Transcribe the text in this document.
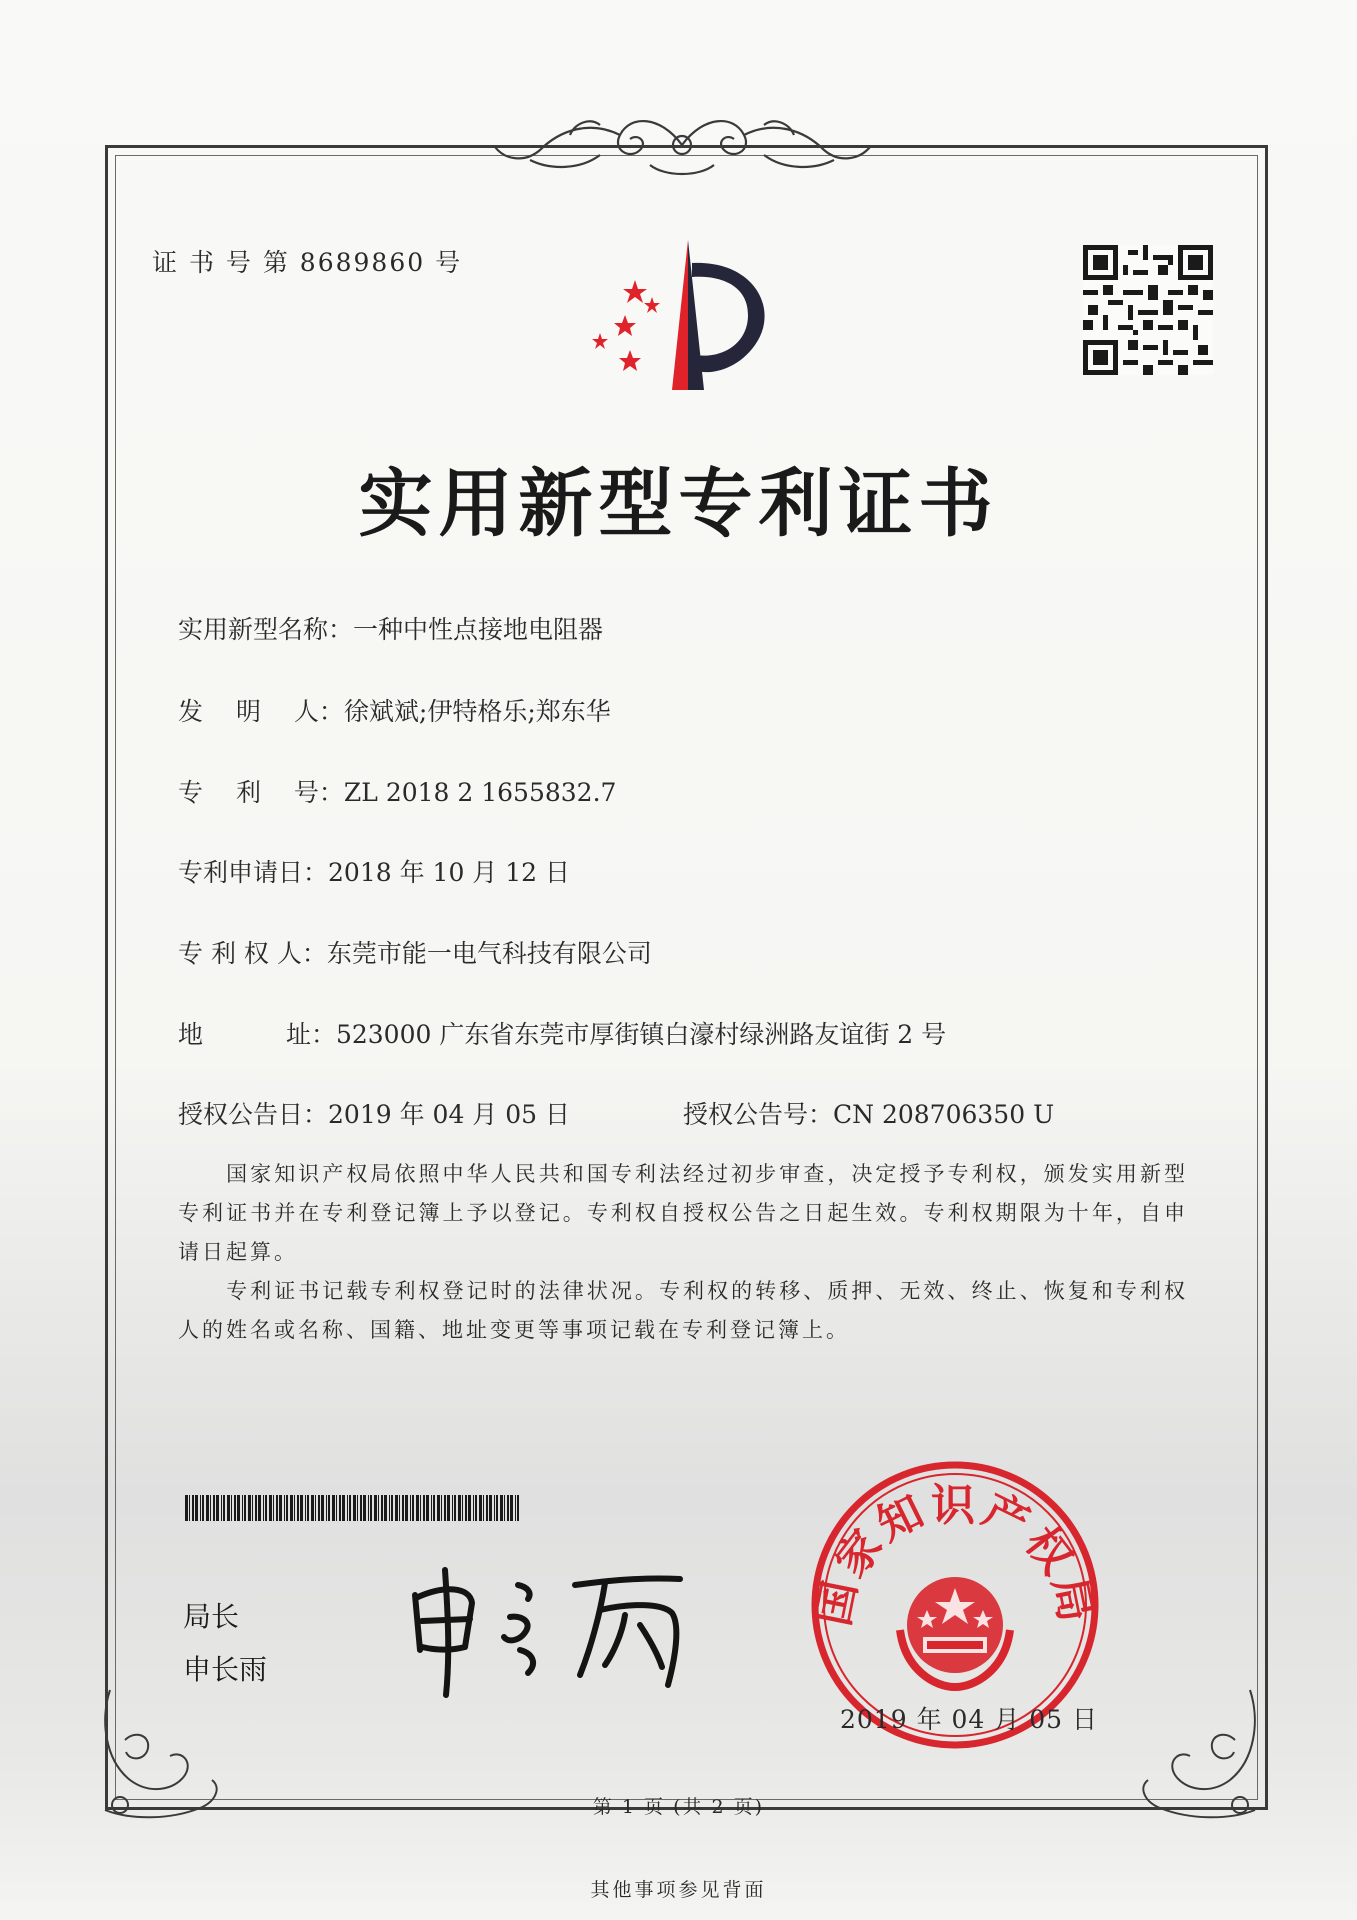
证 书 号 第 8689860 号
实用新型专利证书
实用新型名称：一种中性点接地电阻器
发　 明　 人：徐斌斌;伊特格乐;郑东华
专　 利　 号：ZL 2018 2 1655832.7
专利申请日：2018 年 10 月 12 日
专 利 权 人：东莞市能一电气科技有限公司
地　　　 址：523000 广东省东莞市厚街镇白濠村绿洲路友谊街 2 号
授权公告日：2019 年 04 月 05 日	授权公告号：CN 208706350 U
　　国家知识产权局依照中华人民共和国专利法经过初步审查，决定授予专利权，颁发实用新型专利证书并在专利登记簿上予以登记。专利权自授权公告之日起生效。专利权期限为十年，自申请日起算。
　　专利证书记载专利权登记时的法律状况。专利权的转移、质押、无效、终止、恢复和专利权人的姓名或名称、国籍、地址变更等事项记载在专利登记簿上。
局长
申长雨
国家知识产权局
2019 年 04 月 05 日
第 1 页 (共 2 页)
其他事项参见背面
